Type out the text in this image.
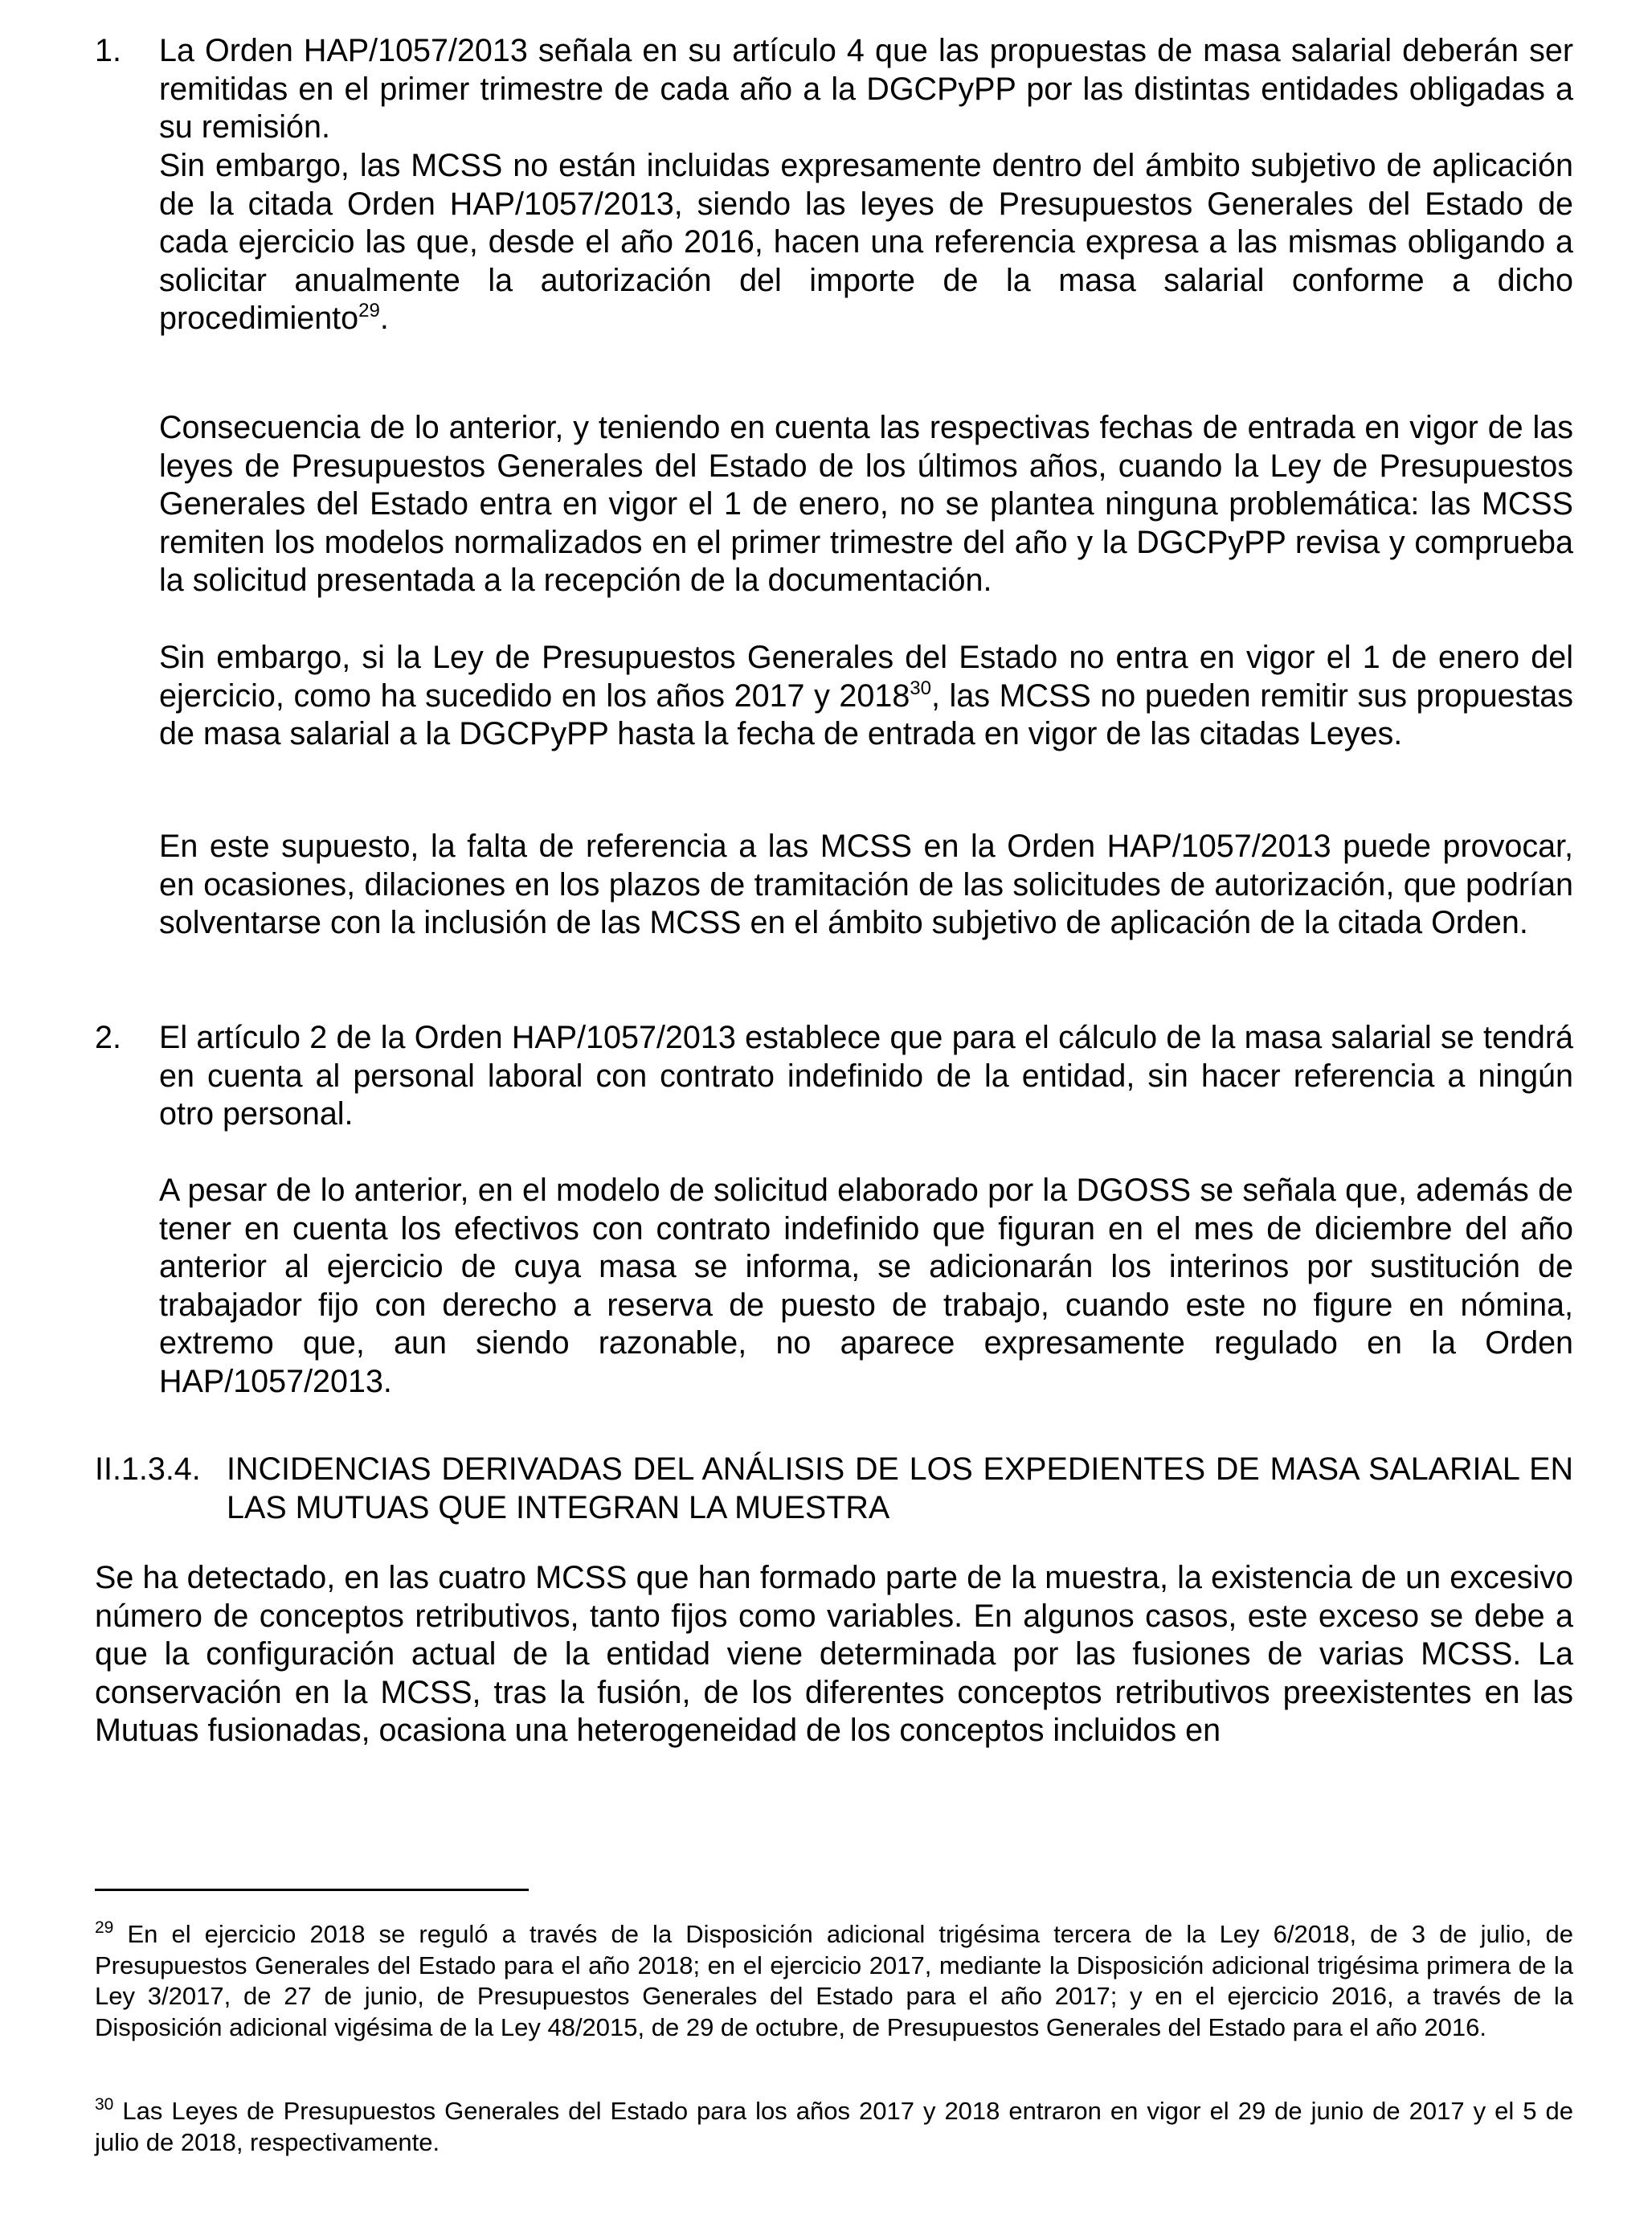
1. La Orden HAP/1057/2013 señala en su artículo 4 que las propuestas de masa salarial deberán ser remitidas en el primer trimestre de cada año a la DGCPyPP por las distintas entidades obligadas a su remisión.

Sin embargo, las MCSS no están incluidas expresamente dentro del ámbito subjetivo de aplicación de la citada Orden HAP/1057/2013, siendo las leyes de Presupuestos Generales del Estado de cada ejercicio las que, desde el año 2016, hacen una referencia expresa a las mismas obligando a solicitar anualmente la autorización del importe de la masa salarial conforme a dicho procedimiento$^{29}$.

Consecuencia de lo anterior, y teniendo en cuenta las respectivas fechas de entrada en vigor de las leyes de Presupuestos Generales del Estado de los últimos años, cuando la Ley de Presupuestos Generales del Estado entra en vigor el 1 de enero, no se plantea ninguna problemática: las MCSS remiten los modelos normalizados en el primer trimestre del año y la DGCPyPP revisa y comprueba la solicitud presentada a la recepción de la documentación.

Sin embargo, si la Ley de Presupuestos Generales del Estado no entra en vigor el 1 de enero del ejercicio, como ha sucedido en los años 2017 y 2018$^{30}$, las MCSS no pueden remitir sus propuestas de masa salarial a la DGCPyPP hasta la fecha de entrada en vigor de las citadas Leyes.

En este supuesto, la falta de referencia a las MCSS en la Orden HAP/1057/2013 puede provocar, en ocasiones, dilaciones en los plazos de tramitación de las solicitudes de autorización, que podrían solventarse con la inclusión de las MCSS en el ámbito subjetivo de aplicación de la citada Orden.

2. El artículo 2 de la Orden HAP/1057/2013 establece que para el cálculo de la masa salarial se tendrá en cuenta al personal laboral con contrato indefinido de la entidad, sin hacer referencia a ningún otro personal.

A pesar de lo anterior, en el modelo de solicitud elaborado por la DGOSS se señala que, además de tener en cuenta los efectivos con contrato indefinido que figuran en el mes de diciembre del año anterior al ejercicio de cuya masa se informa, se adicionarán los interinos por sustitución de trabajador fijo con derecho a reserva de puesto de trabajo, cuando este no figure en nómina, extremo que, aun siendo razonable, no aparece expresamente regulado en la Orden HAP/1057/2013.

II.1.3.4. INCIDENCIAS DERIVADAS DEL ANÁLISIS DE LOS EXPEDIENTES DE MASA SALARIAL EN LAS MUTUAS QUE INTEGRAN LA MUESTRA

Se ha detectado, en las cuatro MCSS que han formado parte de la muestra, la existencia de un excesivo número de conceptos retributivos, tanto fijos como variables. En algunos casos, este exceso se debe a que la configuración actual de la entidad viene determinada por las fusiones de varias MCSS. La conservación en la MCSS, tras la fusión, de los diferentes conceptos retributivos preexistentes en las Mutuas fusionadas, ocasiona una heterogeneidad de los conceptos incluidos en

$^{29}$ En el ejercicio 2018 se reguló a través de la Disposición adicional trigésima tercera de la Ley 6/2018, de 3 de julio, de Presupuestos Generales del Estado para el año 2018; en el ejercicio 2017, mediante la Disposición adicional trigésima primera de la Ley 3/2017, de 27 de junio, de Presupuestos Generales del Estado para el año 2017; y en el ejercicio 2016, a través de la Disposición adicional vigésima de la Ley 48/2015, de 29 de octubre, de Presupuestos Generales del Estado para el año 2016.

$^{30}$ Las Leyes de Presupuestos Generales del Estado para los años 2017 y 2018 entraron en vigor el 29 de junio de 2017 y el 5 de julio de 2018, respectivamente.
